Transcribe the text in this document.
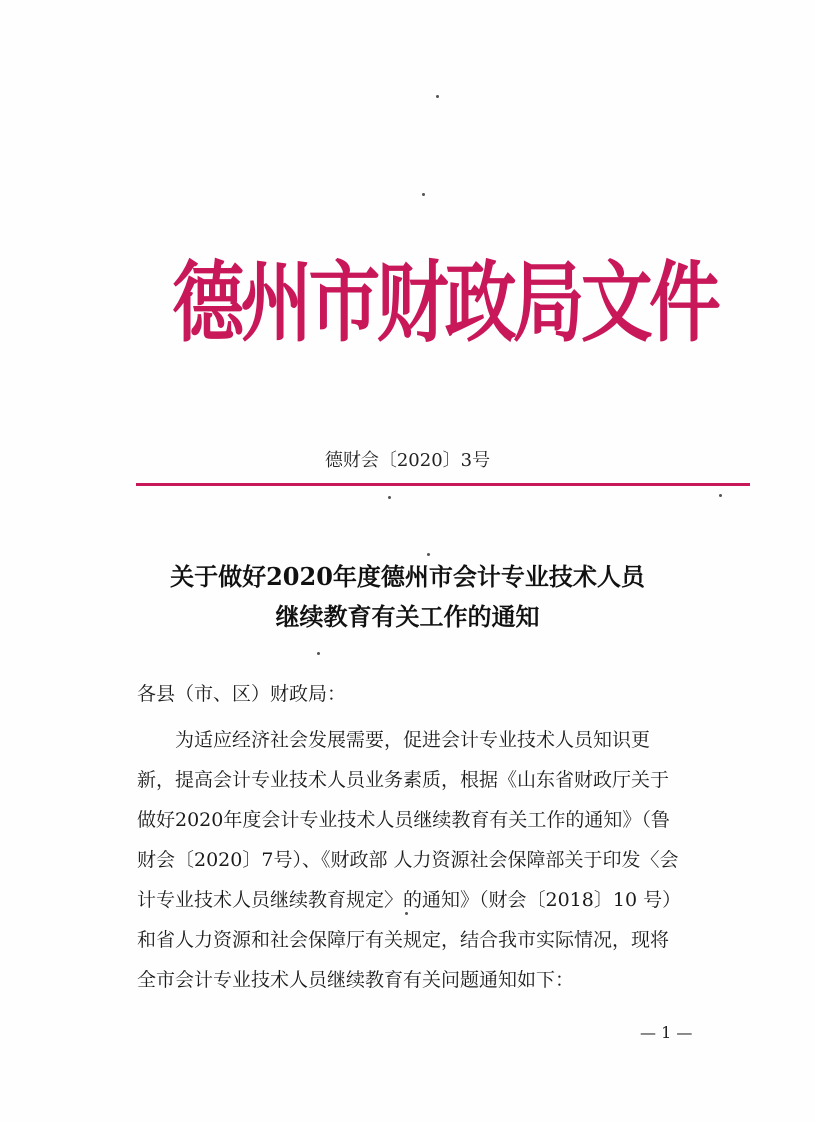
德州市财政局文件
德财会〔2020〕3号
关于做好2020年度德州市会计专业技术人员
继续教育有关工作的通知
各县（市、区）财政局：
　　为适应经济社会发展需要，促进会计专业技术人员知识更
新，提高会计专业技术人员业务素质，根据《山东省财政厅关于
做好2020年度会计专业技术人员继续教育有关工作的通知》（鲁
财会〔2020〕7号）、《财政部 人力资源社会保障部关于印发〈会
计专业技术人员继续教育规定〉的通知》（财会〔2018〕10 号）
和省人力资源和社会保障厅有关规定，结合我市实际情况，现将
全市会计专业技术人员继续教育有关问题通知如下：
— 1 —
